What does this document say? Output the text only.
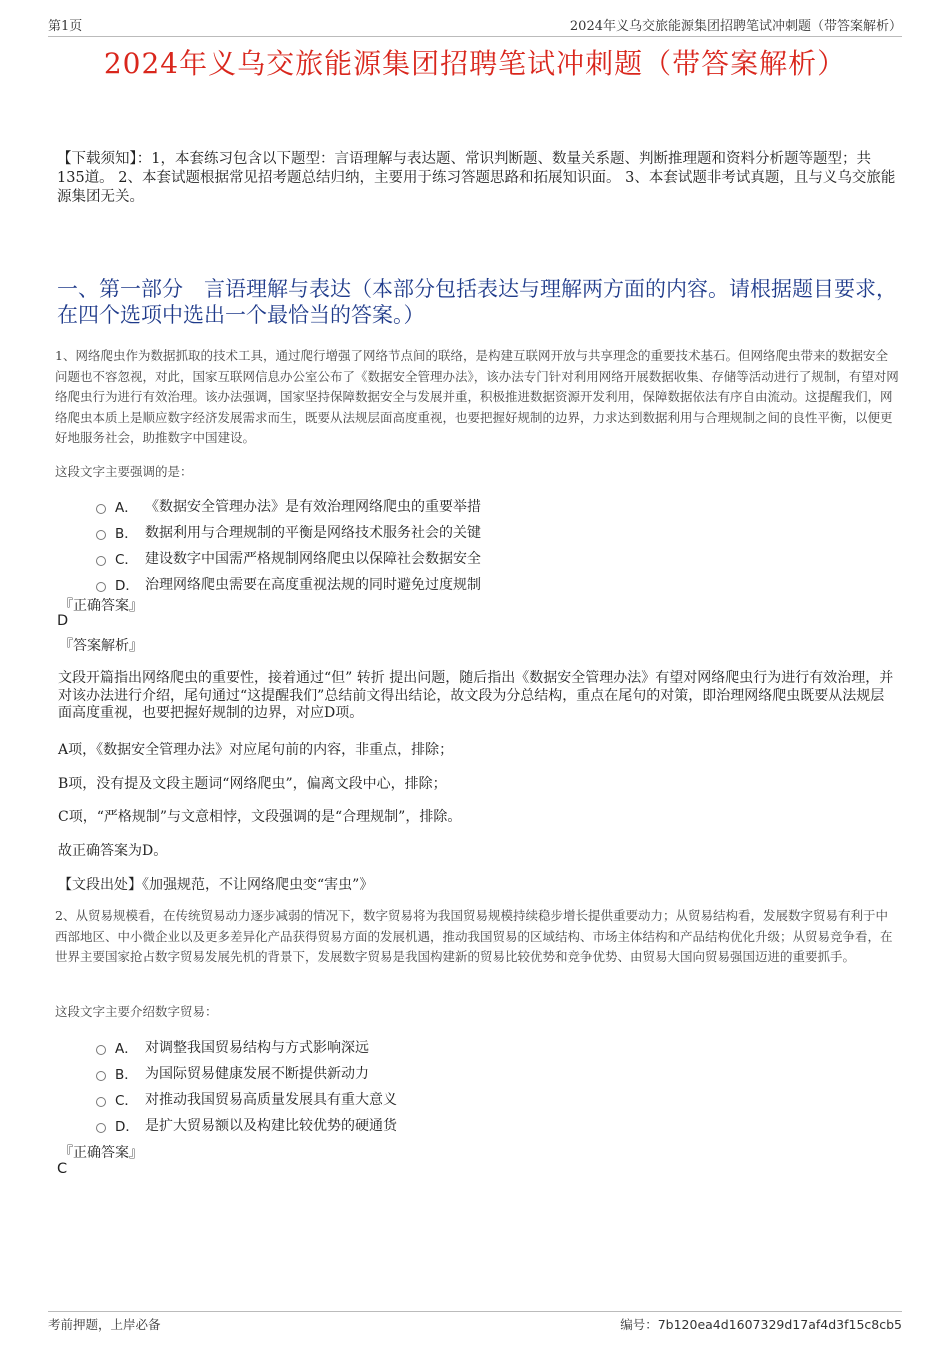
第1页	2024年义乌交旅能源集团招聘笔试冲刺题（带答案解析）
2024年义乌交旅能源集团招聘笔试冲刺题（带答案解析）
【下载须知】：1，本套练习包含以下题型：言语理解与表达题、常识判断题、数量关系题、判断推理题和资料分析题等题型；共135道。 2、本套试题根据常见招考题总结归纳，主要用于练习答题思路和拓展知识面。 3、本套试题非考试真题，且与义乌交旅能源集团无关。
一、第一部分　言语理解与表达（本部分包括表达与理解两方面的内容。请根据题目要求，在四个选项中选出一个最恰当的答案。）
1、网络爬虫作为数据抓取的技术工具，通过爬行增强了网络节点间的联络，是构建互联网开放与共享理念的重要技术基石。但网络爬虫带来的数据安全问题也不容忽视，对此，国家互联网信息办公室公布了《数据安全管理办法》，该办法专门针对利用网络开展数据收集、存储等活动进行了规制，有望对网络爬虫行为进行有效治理。该办法强调，国家坚持保障数据安全与发展并重，积极推进数据资源开发利用，保障数据依法有序自由流动。这提醒我们，网络爬虫本质上是顺应数字经济发展需求而生，既要从法规层面高度重视，也要把握好规制的边界，力求达到数据利用与合理规制之间的良性平衡，以便更好地服务社会，助推数字中国建设。
这段文字主要强调的是：
A． 《数据安全管理办法》是有效治理网络爬虫的重要举措
B． 数据利用与合理规制的平衡是网络技术服务社会的关键
C． 建设数字中国需严格规制网络爬虫以保障社会数据安全
D． 治理网络爬虫需要在高度重视法规的同时避免过度规制
『正确答案』
D
『答案解析』
文段开篇指出网络爬虫的重要性，接着通过“但” 转折 提出问题，随后指出《数据安全管理办法》有望对网络爬虫行为进行有效治理，并对该办法进行介绍，尾句通过“这提醒我们”总结前文得出结论，故文段为分总结构，重点在尾句的对策，即治理网络爬虫既要从法规层面高度重视，也要把握好规制的边界，对应D项。
A项，《数据安全管理办法》对应尾句前的内容，非重点，排除；
B项，没有提及文段主题词“网络爬虫”，偏离文段中心，排除；
C项，“严格规制”与文意相悖，文段强调的是“合理规制”，排除。
故正确答案为D。
【文段出处】《加强规范，不让网络爬虫变“害虫”》
2、从贸易规模看，在传统贸易动力逐步减弱的情况下，数字贸易将为我国贸易规模持续稳步增长提供重要动力；从贸易结构看，发展数字贸易有利于中西部地区、中小微企业以及更多差异化产品获得贸易方面的发展机遇，推动我国贸易的区域结构、市场主体结构和产品结构优化升级；从贸易竞争看，在世界主要国家抢占数字贸易发展先机的背景下，发展数字贸易是我国构建新的贸易比较优势和竞争优势、由贸易大国向贸易强国迈进的重要抓手。
这段文字主要介绍数字贸易：
A． 对调整我国贸易结构与方式影响深远
B． 为国际贸易健康发展不断提供新动力
C． 对推动我国贸易高质量发展具有重大意义
D． 是扩大贸易额以及构建比较优势的硬通货
『正确答案』
C
考前押题，上岸必备	编号：7b120ea4d1607329d17af4d3f15c8cb5
